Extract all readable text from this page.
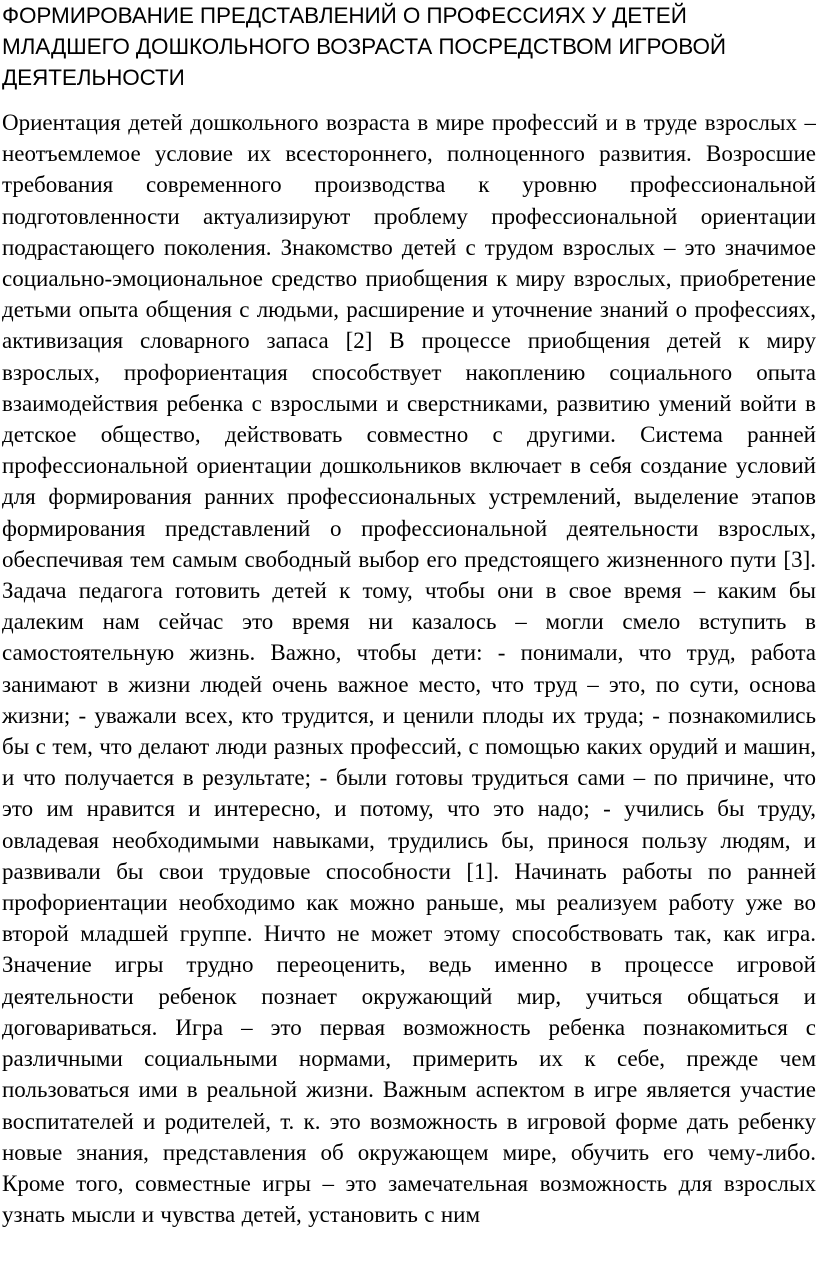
ФОРМИРОВАНИЕ ПРЕДСТАВЛЕНИЙ О ПРОФЕССИЯХ У ДЕТЕЙ МЛАДШЕГО ДОШКОЛЬНОГО ВОЗРАСТА ПОСРЕДСТВОМ ИГРОВОЙ ДЕЯТЕЛЬНОСТИ

Ориентация детей дошкольного возраста в мире профессий и в труде взрослых – неотъемлемое условие их всестороннего, полноценного развития. Возросшие требования современного производства к уровню профессиональной подготовленности актуализируют проблему профессиональной ориентации подрастающего поколения. Знакомство детей с трудом взрослых – это значимое социально-эмоциональное средство приобщения к миру взрослых, приобретение детьми опыта общения с людьми, расширение и уточнение знаний о профессиях, активизация словарного запаса [2] В процессе приобщения детей к миру взрослых, профориентация способствует накоплению социального опыта взаимодействия ребенка с взрослыми и сверстниками, развитию умений войти в детское общество, действовать совместно с другими. Система ранней профессиональной ориентации дошкольников включает в себя создание условий для формирования ранних профессиональных устремлений, выделение этапов формирования представлений о профессиональной деятельности взрослых, обеспечивая тем самым свободный выбор его предстоящего жизненного пути [3]. Задача педагога готовить детей к тому, чтобы они в свое время – каким бы далеким нам сейчас это время ни казалось – могли смело вступить в самостоятельную жизнь. Важно, чтобы дети: - понимали, что труд, работа занимают в жизни людей очень важное место, что труд – это, по сути, основа жизни; - уважали всех, кто трудится, и ценили плоды их труда; - познакомились бы с тем, что делают люди разных профессий, с помощью каких орудий и машин, и что получается в результате; - были готовы трудиться сами – по причине, что это им нравится и интересно, и потому, что это надо; - учились бы труду, овладевая необходимыми навыками, трудились бы, принося пользу людям, и развивали бы свои трудовые способности [1]. Начинать работы по ранней профориентации необходимо как можно раньше, мы реализуем работу уже во второй младшей группе. Ничто не может этому способствовать так, как игра. Значение игры трудно переоценить, ведь именно в процессе игровой деятельности ребенок познает окружающий мир, учиться общаться и договариваться. Игра – это первая возможность ребенка познакомиться с различными социальными нормами, примерить их к себе, прежде чем пользоваться ими в реальной жизни. Важным аспектом в игре является участие воспитателей и родителей, т. к. это возможность в игровой форме дать ребенку новые знания, представления об окружающем мире, обучить его чему-либо. Кроме того, совместные игры – это замечательная возможность для взрослых узнать мысли и чувства детей, установить с ним
